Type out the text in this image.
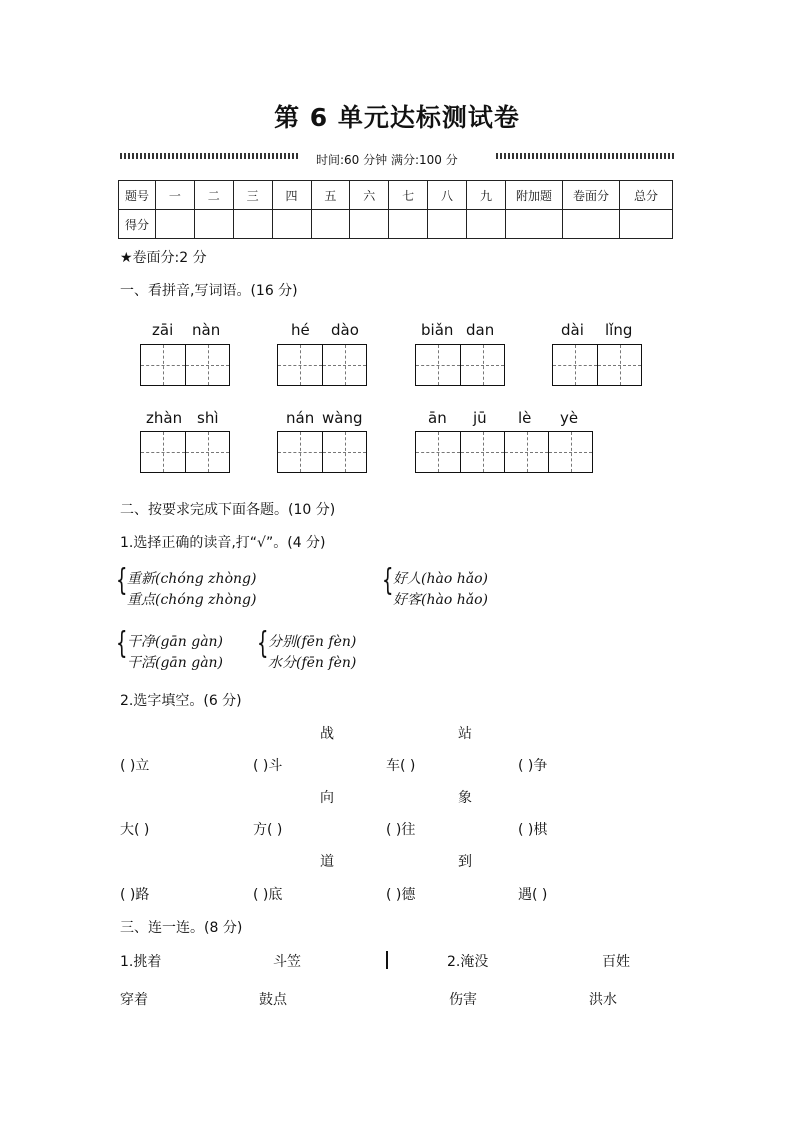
第 6 单元达标测试卷
时间:60 分钟 满分:100 分
题号	一	二	三	四	五	六	七	八	九	附加题	卷面分	总分
得分												
★卷面分:2 分
一、看拼音,写词语。(16 分)
zāi nàn	hé dào	biǎn dan	dài lǐng
zhàn shì	nán wàng	ān jū lè yè
二、按要求完成下面各题。(10 分)
1.选择正确的读音,打“√”。(4 分)
{ 重新(chóng zhòng)
重点(chóng zhòng)
{ 好人(hào hǎo)
好客(hào hǎo)
{ 干净(gān gàn)
干活(gān gàn)
{ 分别(fēn fèn)
水分(fēn fèn)
2.选字填空。(6 分)
战	站
( )立	( )斗	车( )	( )争
向	象
大( )	方( )	( )往	( )棋
道	到
( )路	( )底	( )德	遇( )
三、连一连。(8 分)
1.挑着	斗笠	2.淹没	百姓
穿着	鼓点	伤害	洪水
